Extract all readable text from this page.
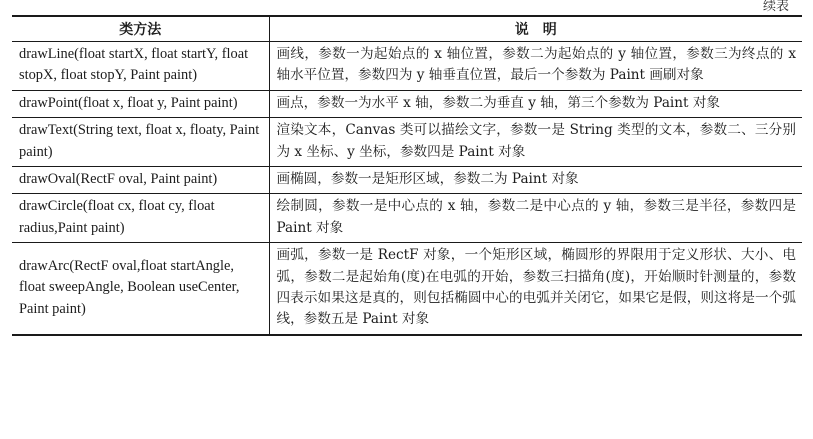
续表
类方法	说　明
drawLine(float startX, float startY, float stopX, float stopY, Paint paint)	画线，参数一为起始点的 x 轴位置，参数二为起始点的 y 轴位置，参数三为终点的 x 轴水平位置，参数四为 y 轴垂直位置，最后一个参数为 Paint 画刷对象
drawPoint(float x, float y, Paint paint)	画点，参数一为水平 x 轴，参数二为垂直 y 轴，第三个参数为 Paint 对象
drawText(String text, float x, floaty, Paint paint)	渲染文本，Canvas 类可以描绘文字，参数一是 String 类型的文本，参数二、三分别为 x 坐标、y 坐标，参数四是 Paint 对象
drawOval(RectF oval, Paint paint)	画椭圆，参数一是矩形区域，参数二为 Paint 对象
drawCircle(float cx, float cy, float radius,Paint paint)	绘制圆，参数一是中心点的 x 轴，参数二是中心点的 y 轴，参数三是半径，参数四是 Paint 对象
drawArc(RectF oval,float startAngle, float sweepAngle, Boolean useCenter, Paint paint)	画弧，参数一是 RectF 对象，一个矩形区域，椭圆形的界限用于定义形状、大小、电弧，参数二是起始角(度)在电弧的开始，参数三扫描角(度)，开始顺时针测量的，参数四表示如果这是真的，则包括椭圆中心的电弧并关闭它，如果它是假，则这将是一个弧线，参数五是 Paint 对象
